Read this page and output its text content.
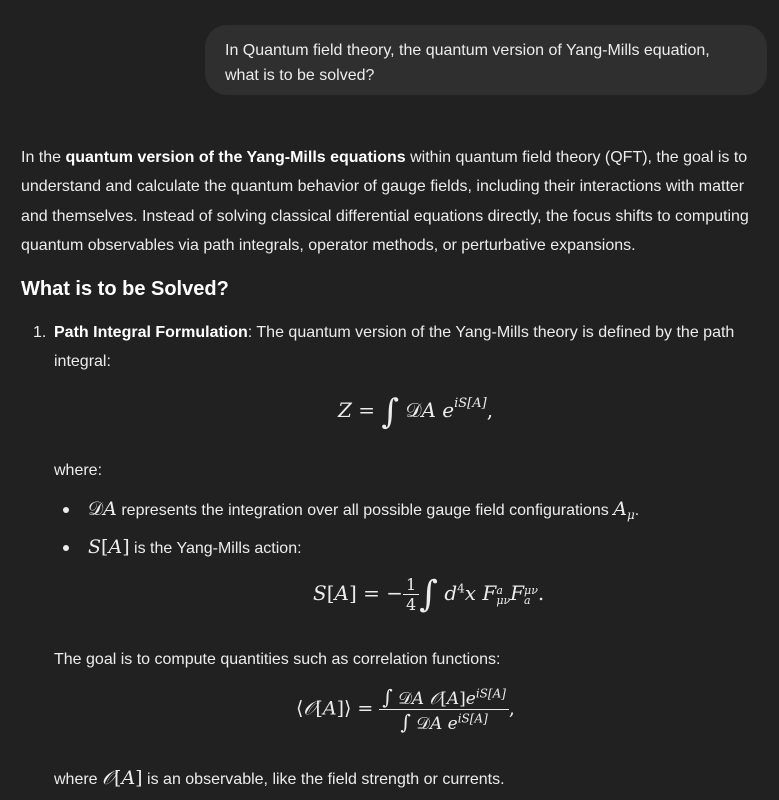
In Quantum field theory, the quantum version of Yang-Mills equation, what is to be solved?
In the quantum version of the Yang-Mills equations within quantum field theory (QFT), the goal is to understand and calculate the quantum behavior of gauge fields, including their interactions with matter and themselves. Instead of solving classical differential equations directly, the focus shifts to computing quantum observables via path integrals, operator methods, or perturbative expansions.
What is to be Solved?
1. Path Integral Formulation: The quantum version of the Yang-Mills theory is defined by the path integral:
Z = ∫ 𝒟A $e^{iS[A]}$,
where:
𝒟A represents the integration over all possible gauge field configurations $A_\mu$.
S[A] is the Yang-Mills action:
S[A] = − $\frac{1}{4}$ ∫ $d^4x$ F a
μν F μν
a .
The goal is to compute quantities such as correlation functions:
⟨𝒪[A]⟩ = $\frac{\int 𝒟A 𝒪[A]e^{iS[A]}}{\int 𝒟A e^{iS[A]}}$ ,
where 𝒪[A] is an observable, like the field strength or currents.
